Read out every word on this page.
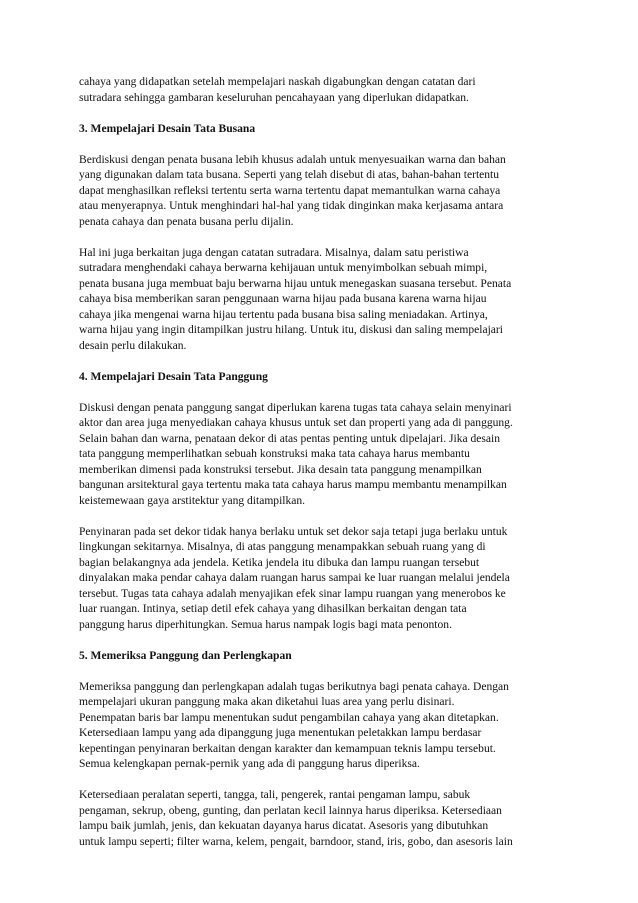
cahaya yang didapatkan setelah mempelajari naskah digabungkan dengan catatan dari
sutradara sehingga gambaran keseluruhan pencahayaan yang diperlukan didapatkan.
3. Mempelajari Desain Tata Busana
Berdiskusi dengan penata busana lebih khusus adalah untuk menyesuaikan warna dan bahan
yang digunakan dalam tata busana. Seperti yang telah disebut di atas, bahan-bahan tertentu
dapat menghasilkan refleksi tertentu serta warna tertentu dapat memantulkan warna cahaya
atau menyerapnya. Untuk menghindari hal-hal yang tidak dinginkan maka kerjasama antara
penata cahaya dan penata busana perlu dijalin.
Hal ini juga berkaitan juga dengan catatan sutradara. Misalnya, dalam satu peristiwa
sutradara menghendaki cahaya berwarna kehijauan untuk menyimbolkan sebuah mimpi,
penata busana juga membuat baju berwarna hijau untuk menegaskan suasana tersebut. Penata
cahaya bisa memberikan saran penggunaan warna hijau pada busana karena warna hijau
cahaya jika mengenai warna hijau tertentu pada busana bisa saling meniadakan. Artinya,
warna hijau yang ingin ditampilkan justru hilang. Untuk itu, diskusi dan saling mempelajari
desain perlu dilakukan.
4. Mempelajari Desain Tata Panggung
Diskusi dengan penata panggung sangat diperlukan karena tugas tata cahaya selain menyinari
aktor dan area juga menyediakan cahaya khusus untuk set dan properti yang ada di panggung.
Selain bahan dan warna, penataan dekor di atas pentas penting untuk dipelajari. Jika desain
tata panggung memperlihatkan sebuah konstruksi maka tata cahaya harus membantu
memberikan dimensi pada konstruksi tersebut. Jika desain tata panggung menampilkan
bangunan arsitektural gaya tertentu maka tata cahaya harus mampu membantu menampilkan
keistemewaan gaya arstitektur yang ditampilkan.
Penyinaran pada set dekor tidak hanya berlaku untuk set dekor saja tetapi juga berlaku untuk
lingkungan sekitarnya. Misalnya, di atas panggung menampakkan sebuah ruang yang di
bagian belakangnya ada jendela. Ketika jendela itu dibuka dan lampu ruangan tersebut
dinyalakan maka pendar cahaya dalam ruangan harus sampai ke luar ruangan melalui jendela
tersebut. Tugas tata cahaya adalah menyajikan efek sinar lampu ruangan yang menerobos ke
luar ruangan. Intinya, setiap detil efek cahaya yang dihasilkan berkaitan dengan tata
panggung harus diperhitungkan. Semua harus nampak logis bagi mata penonton.
5. Memeriksa Panggung dan Perlengkapan
Memeriksa panggung dan perlengkapan adalah tugas berikutnya bagi penata cahaya. Dengan
mempelajari ukuran panggung maka akan diketahui luas area yang perlu disinari.
Penempatan baris bar lampu menentukan sudut pengambilan cahaya yang akan ditetapkan.
Ketersediaan lampu yang ada dipanggung juga menentukan peletakkan lampu berdasar
kepentingan penyinaran berkaitan dengan karakter dan kemampuan teknis lampu tersebut.
Semua kelengkapan pernak-pernik yang ada di panggung harus diperiksa.
Ketersediaan peralatan seperti, tangga, tali, pengerek, rantai pengaman lampu, sabuk
pengaman, sekrup, obeng, gunting, dan perlatan kecil lainnya harus diperiksa. Ketersediaan
lampu baik jumlah, jenis, dan kekuatan dayanya harus dicatat. Asesoris yang dibutuhkan
untuk lampu seperti; filter warna, kelem, pengait, barndoor, stand, iris, gobo, dan asesoris lain
